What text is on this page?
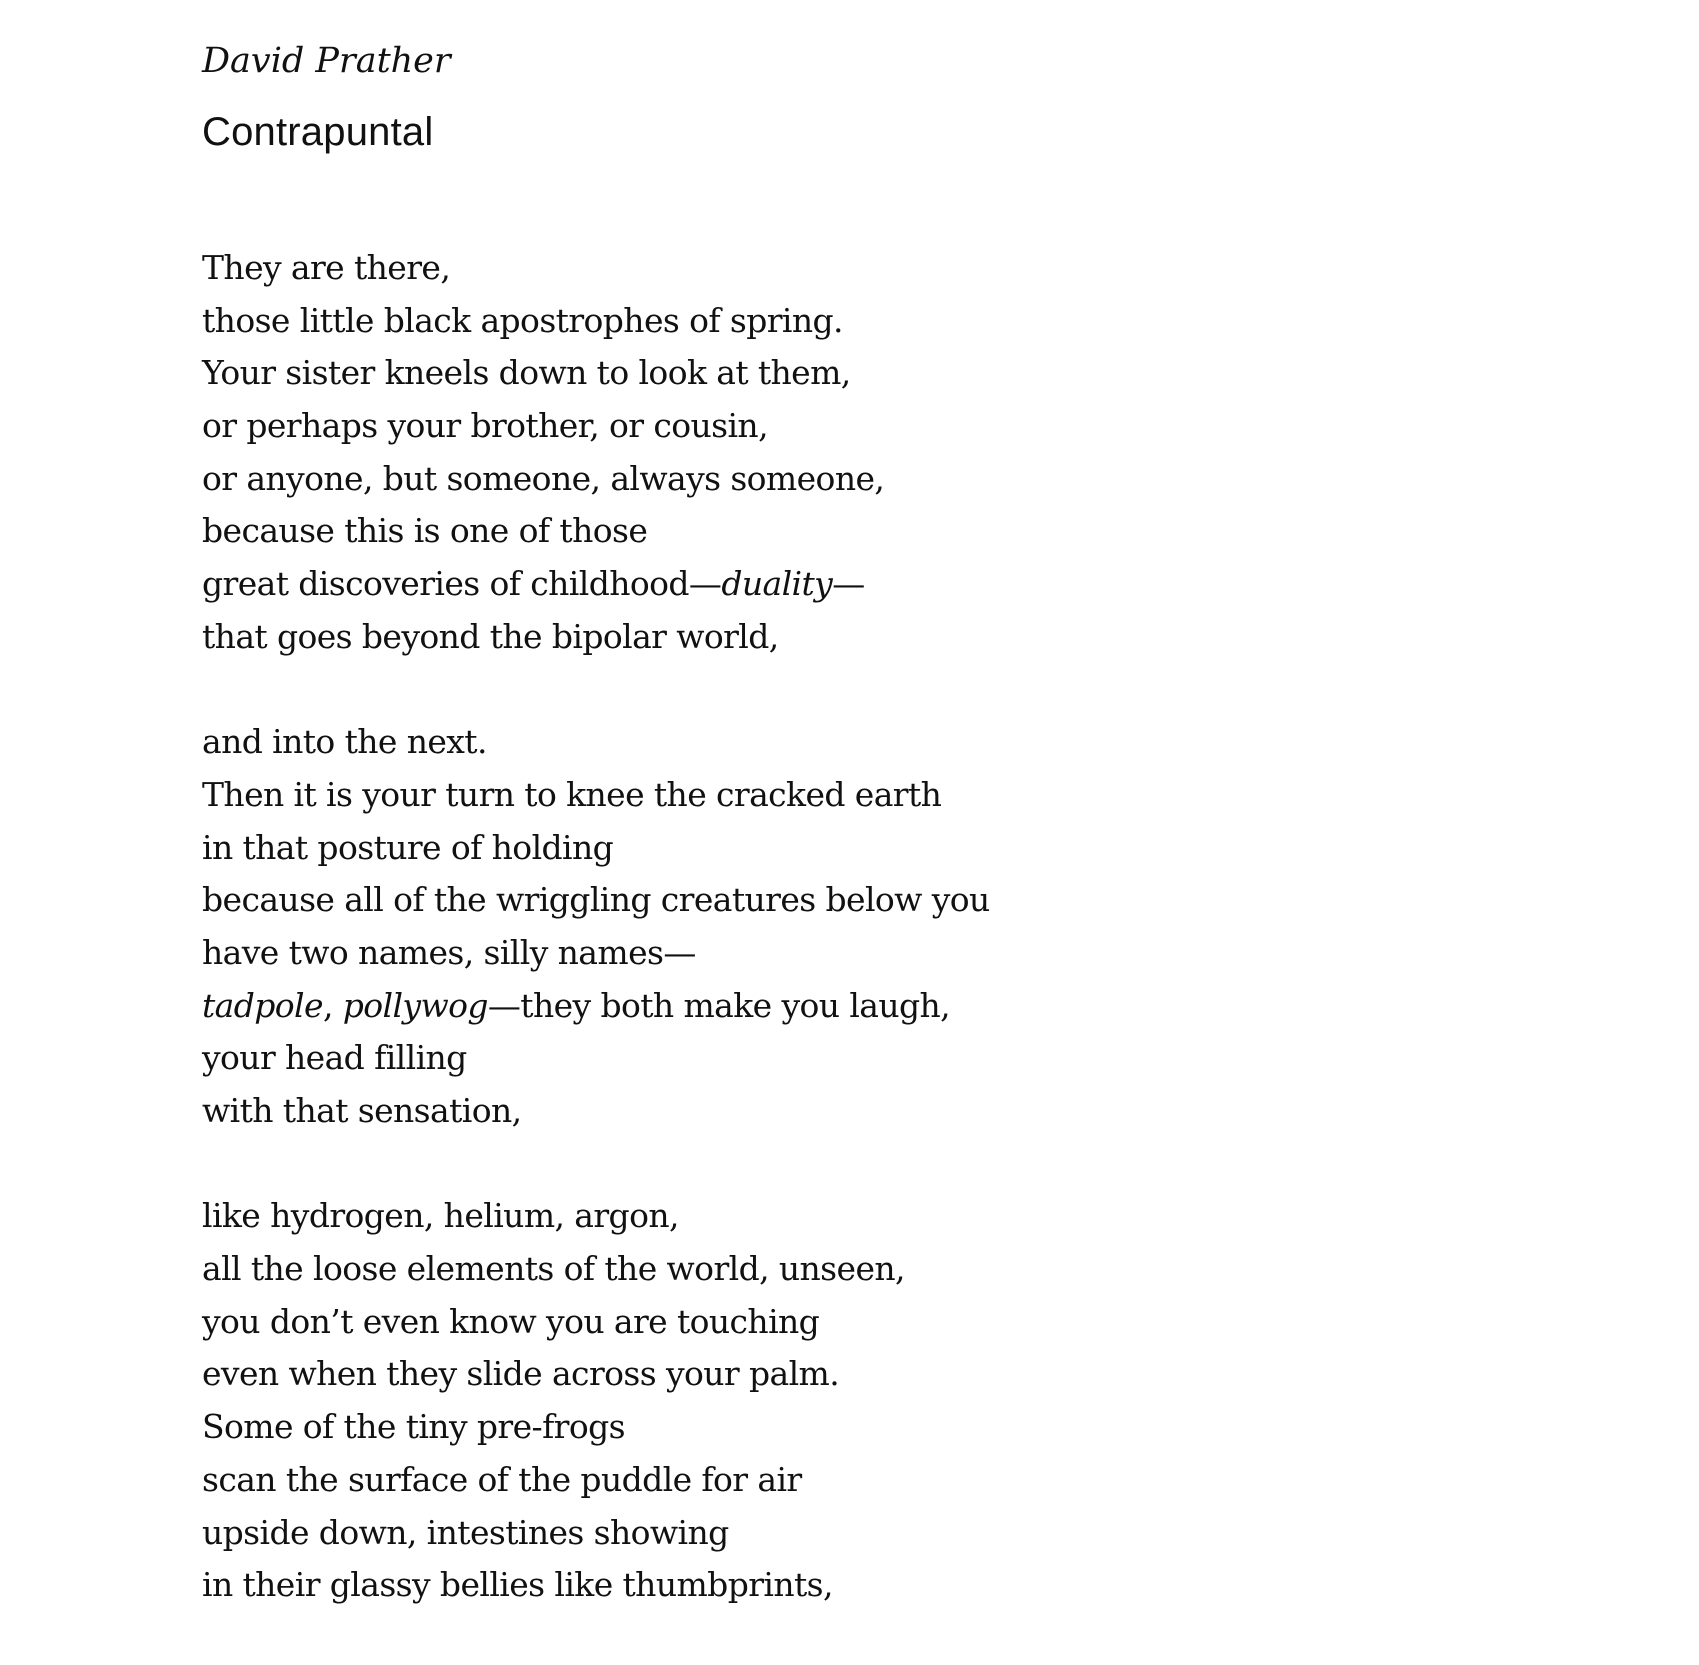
David Prather

Contrapuntal
They are there,
those little black apostrophes of spring.
Your sister kneels down to look at them,
or perhaps your brother, or cousin,
or anyone, but someone, always someone,
because this is one of those
great discoveries of childhood—duality—
that goes beyond the bipolar world,
and into the next.
Then it is your turn to knee the cracked earth
in that posture of holding
because all of the wriggling creatures below you
have two names, silly names—
tadpole, pollywog—they both make you laugh,
your head filling
with that sensation,
like hydrogen, helium, argon,
all the loose elements of the world, unseen,
you don’t even know you are touching
even when they slide across your palm.
Some of the tiny pre-frogs
scan the surface of the puddle for air
upside down, intestines showing
in their glassy bellies like thumbprints,
